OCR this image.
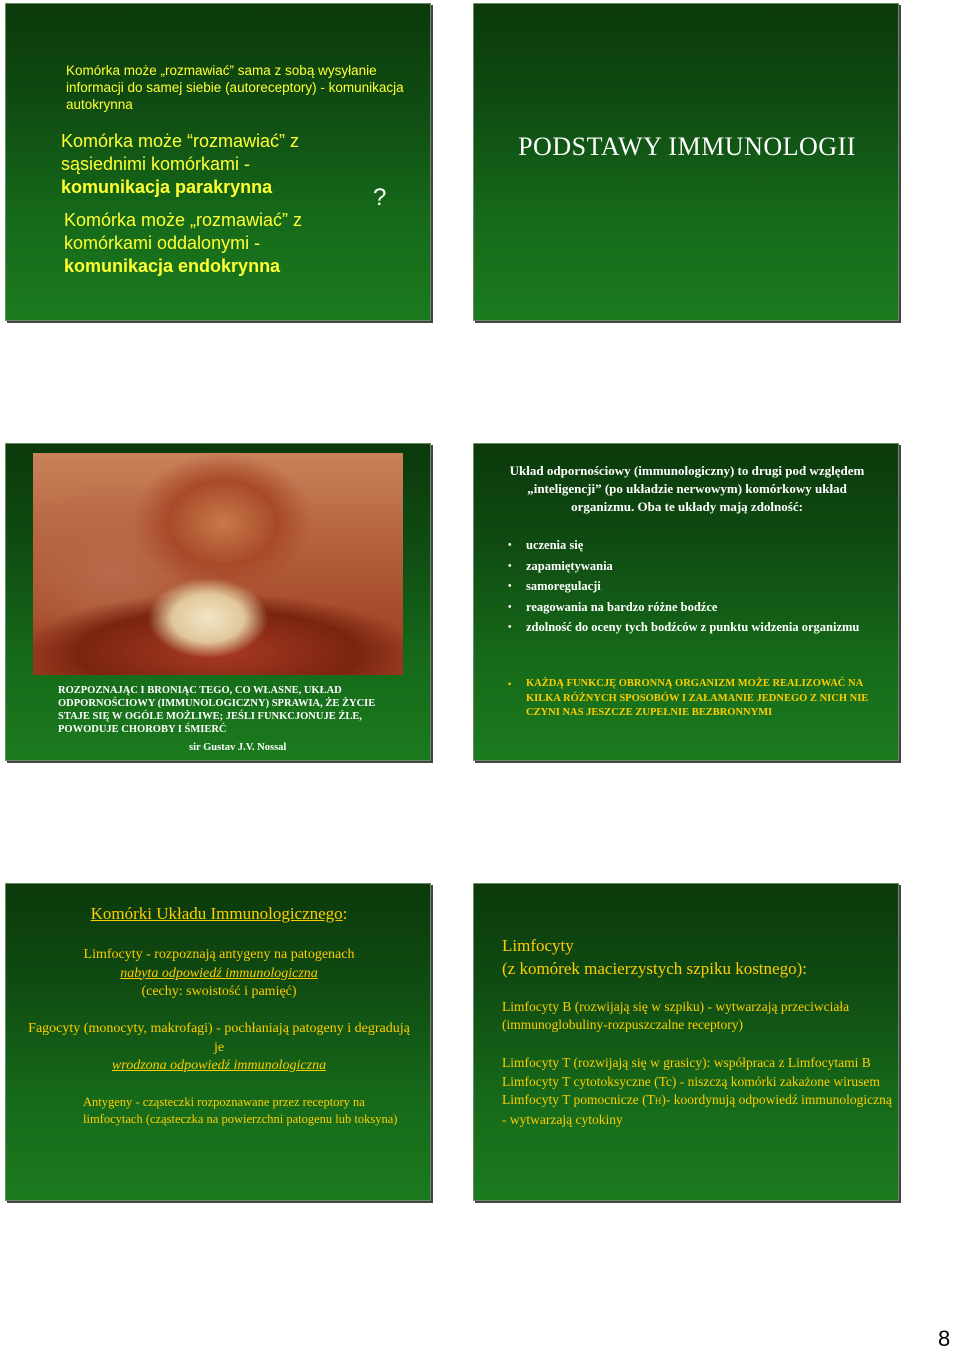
Komórka może „rozmawiać” sama z sobą wysyłanie informacji do samej siebie (autoreceptory) - komunikacja autokrynna
Komórka może “rozmawiać” z sąsiednimi komórkami - komunikacja parakrynna
Komórka może „rozmawiać” z komórkami oddalonymi - komunikacja endokrynna
?
PODSTAWY IMMUNOLOGII
ROZPOZNAJĄC I BRONIĄC TEGO, CO WŁASNE, UKŁAD ODPORNOŚCIOWY (IMMUNOLOGICZNY) SPRAWIA, ŻE ŻYCIE STAJE SIĘ W OGÓLE MOŻLIWE; JEŚLI FUNKCJONUJE ŹLE, POWODUJE CHOROBY I ŚMIERĆ
sir Gustav J.V. Nossal
Układ odpornościowy (immunologiczny) to drugi pod względem „inteligencji” (po układzie nerwowym) komórkowy układ organizmu. Oba te układy mają zdolność:
• uczenia się
• zapamiętywania
• samoregulacji
• reagowania na bardzo różne bodźce
• zdolność do oceny tych bodźców z punktu widzenia organizmu
• KAŻDĄ FUNKCJĘ OBRONNĄ ORGANIZM MOŻE REALIZOWAĆ NA KILKA RÓŻNYCH SPOSOBÓW I ZAŁAMANIE JEDNEGO Z NICH NIE CZYNI NAS JESZCZE ZUPEŁNIE BEZBRONNYMI
Komórki Układu Immunologicznego:
Limfocyty - rozpoznają antygeny na patogenach
nabyta odpowiedź immunologiczna
(cechy: swoistość i pamięć)
Fagocyty (monocyty, makrofagi) - pochłaniają patogeny i degradują je
wrodzona odpowiedź immunologiczna
Antygeny - cząsteczki rozpoznawane przez receptory na limfocytach (cząsteczka na powierzchni patogenu lub toksyna)
Limfocyty
(z komórek macierzystych szpiku kostnego):
Limfocyty B (rozwijają się w szpiku) - wytwarzają przeciwciała (immunoglobuliny-rozpuszczalne receptory)
Limfocyty T (rozwijają się w grasicy): współpraca z Limfocytami B
Limfocyty T cytotoksyczne (Tc) - niszczą komórki zakażone wirusem
Limfocyty T pomocnicze (TH)- koordynują odpowiedź immunologiczną - wytwarzają cytokiny
8
